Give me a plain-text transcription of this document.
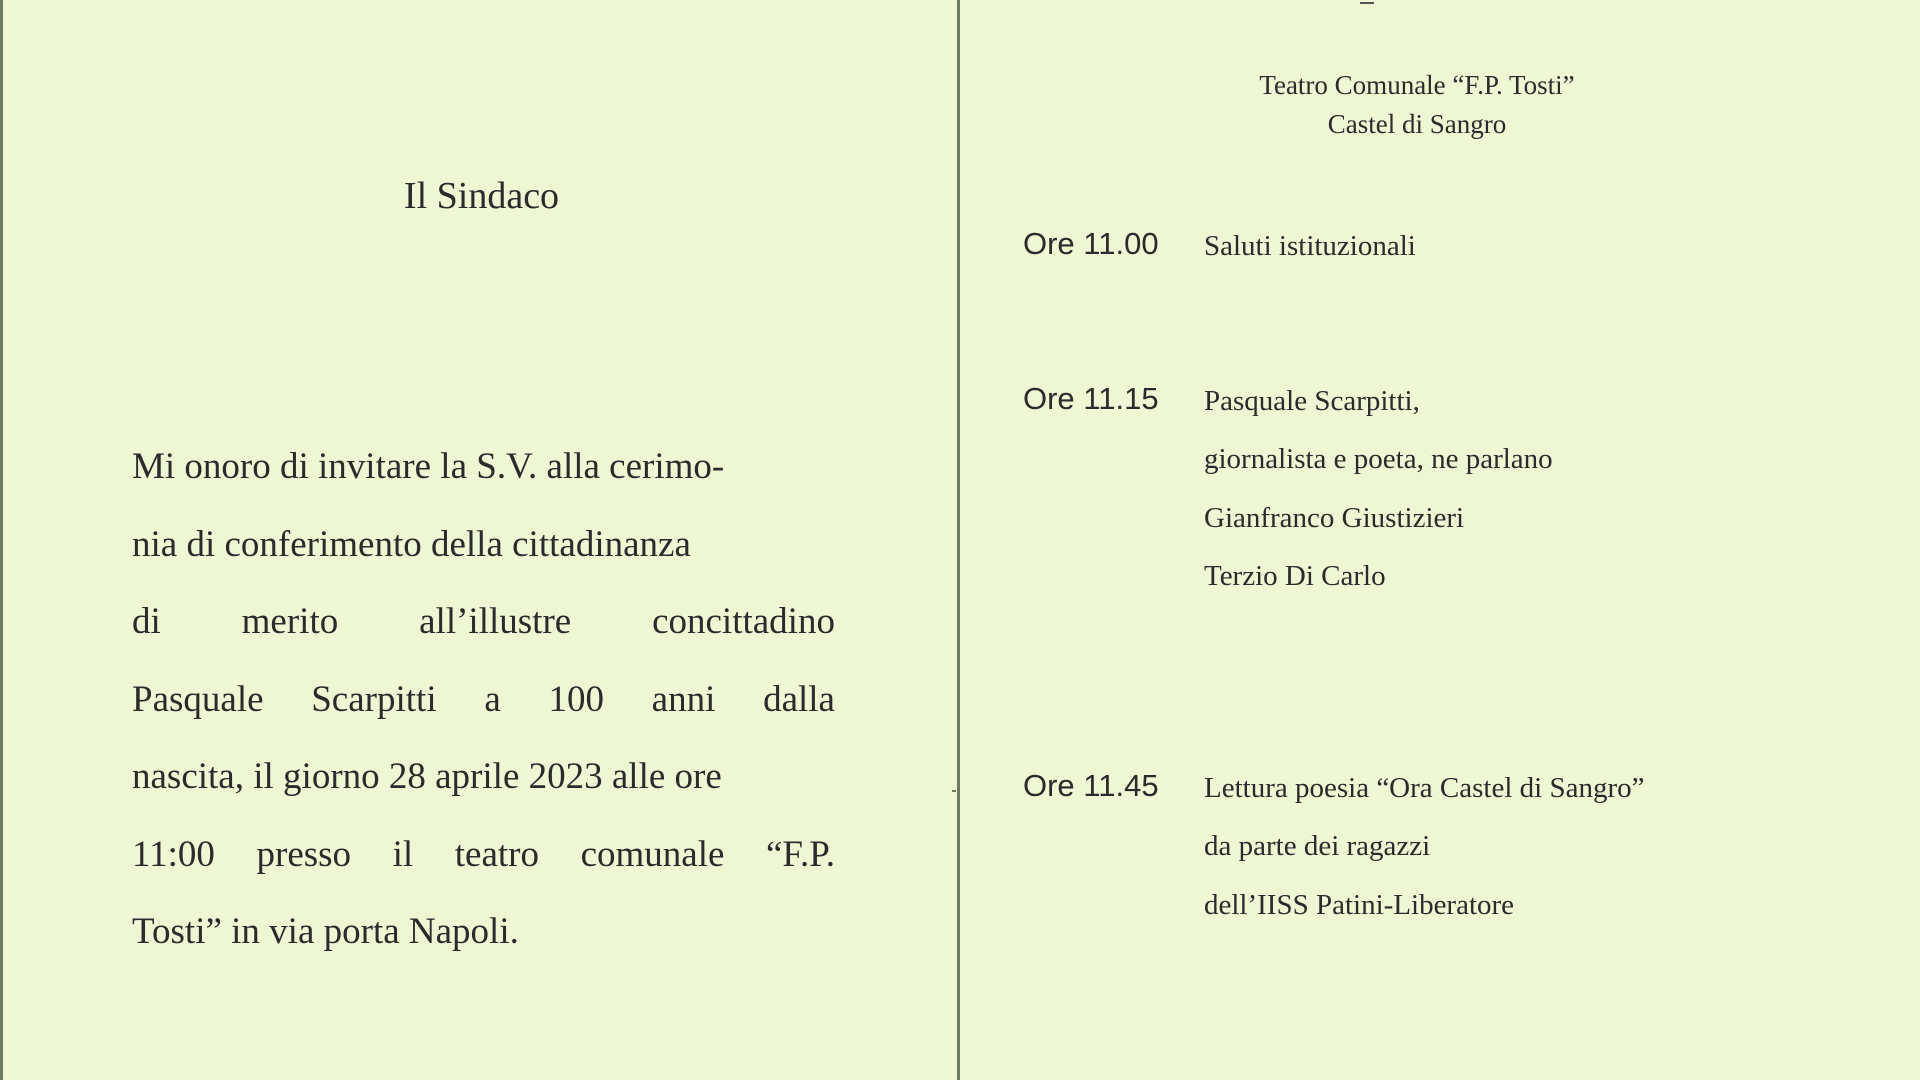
Il Sindaco
Mi onoro di invitare la S.V. alla cerimo-
nia di conferimento della cittadinanza
di merito all’illustre concittadino
Pasquale Scarpitti a 100 anni dalla
nascita, il giorno 28 aprile 2023 alle ore
11:00 presso il teatro comunale “F.P.
Tosti” in via porta Napoli.
Teatro Comunale “F.P. Tosti”
Castel di Sangro
Ore 11.00 Saluti istituzionali
Ore 11.15 Pasquale Scarpitti,
giornalista e poeta, ne parlano
Gianfranco Giustizieri
Terzio Di Carlo
Ore 11.45 Lettura poesia “Ora Castel di Sangro”
da parte dei ragazzi
dell’IISS Patini-Liberatore
